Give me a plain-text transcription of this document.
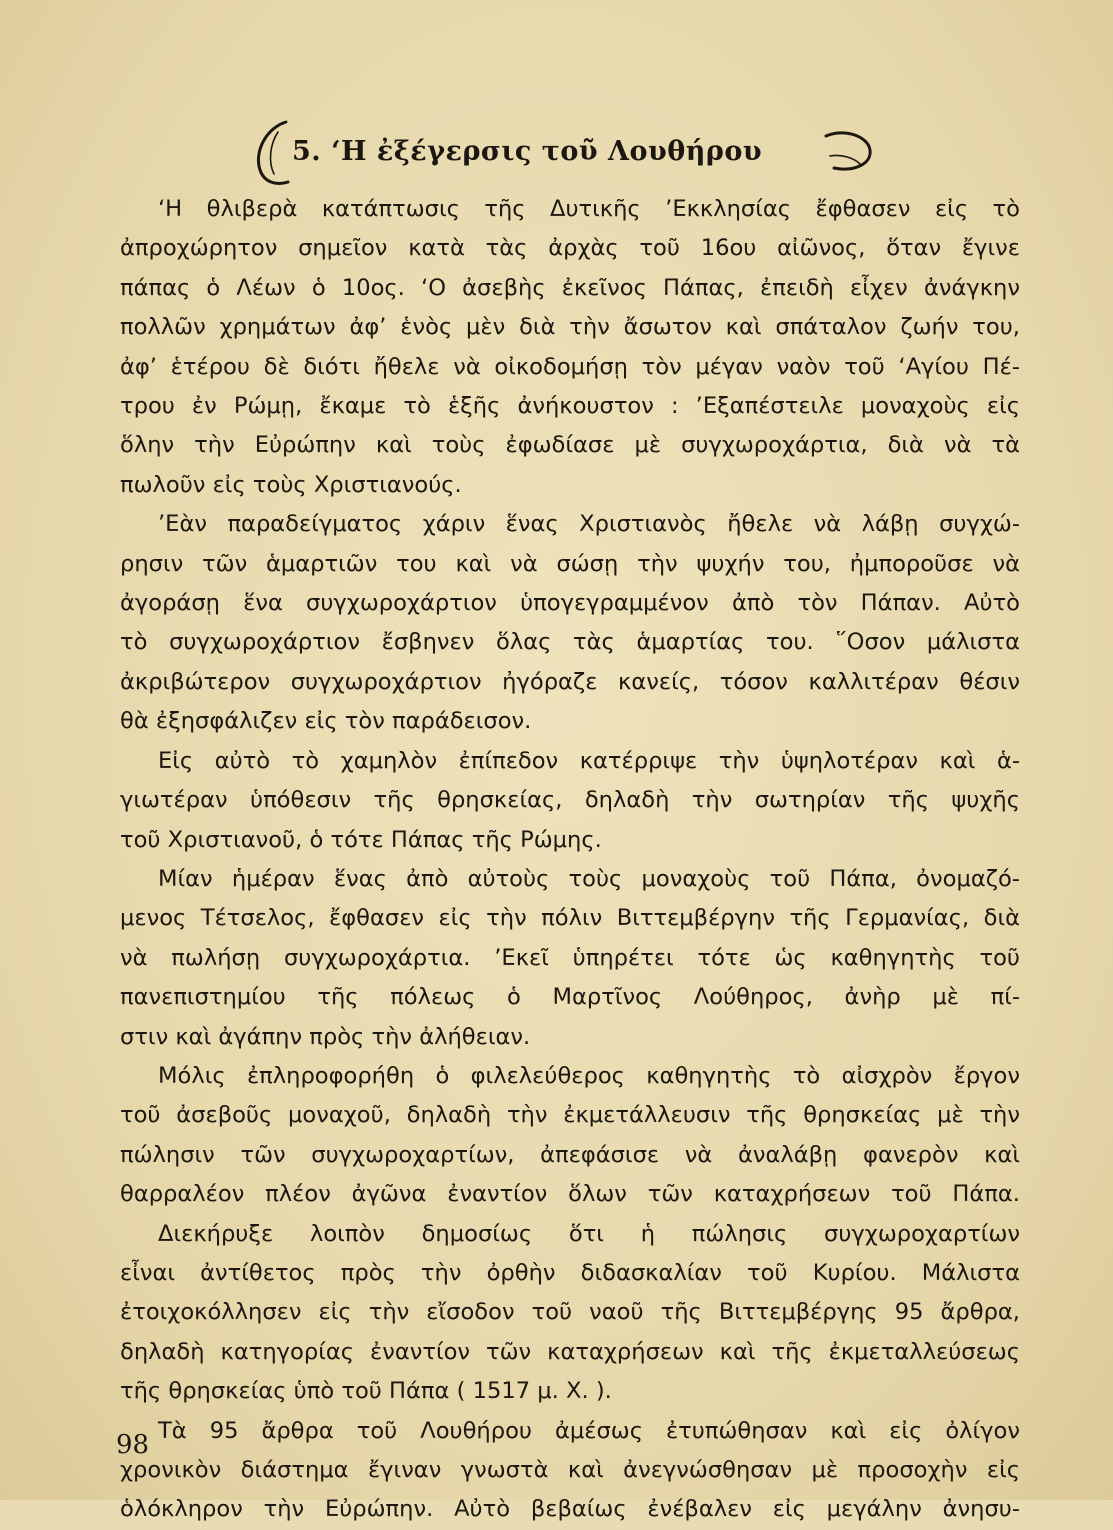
5. ‘Η ἐξέγερσις τοῦ Λουθήρου
‘Η θλιβερὰ κατάπτωσις τῆς Δυτικῆς ’Εκκλησίας ἔφθασεν εἰς τὸ
ἀπροχώρητον σημεῖον κατὰ τὰς ἀρχὰς τοῦ 16ου αἰῶνος, ὅταν ἔγινε
πάπας ὁ Λέων ὁ 10ος. ‘Ο ἀσεβὴς ἐκεῖνος Πάπας, ἐπειδὴ εἶχεν ἀνάγκην
πολλῶν χρημάτων ἀφ’ ἑνὸς μὲν διὰ τὴν ἄσωτον καὶ σπάταλον ζωήν του,
ἀφ’ ἑτέρου δὲ διότι ἤθελε νὰ οἰκοδομήσῃ τὸν μέγαν ναὸν τοῦ ‘Αγίου Πέ-
τρου ἐν Ρώμῃ, ἔκαμε τὸ ἑξῆς ἀνήκουστον : ’Εξαπέστειλε μοναχοὺς εἰς
ὅλην τὴν Εὐρώπην καὶ τοὺς ἐφωδίασε μὲ συγχωροχάρτια, διὰ νὰ τὰ
πωλοῦν εἰς τοὺς Χριστιανούς.
’Εὰν παραδείγματος χάριν ἕνας Χριστιανὸς ἤθελε νὰ λάβῃ συγχώ-
ρησιν τῶν ἁμαρτιῶν του καὶ νὰ σώσῃ τὴν ψυχήν του, ἠμποροῦσε νὰ
ἀγοράσῃ ἕνα συγχωροχάρτιον ὑπογεγραμμένον ἀπὸ τὸν Πάπαν. Αὐτὸ
τὸ συγχωροχάρτιον ἔσβηνεν ὅλας τὰς ἁμαρτίας του. ῞Οσον μάλιστα
ἀκριβώτερον συγχωροχάρτιον ἠγόραζε κανείς, τόσον καλλιτέραν θέσιν
θὰ ἐξησφάλιζεν εἰς τὸν παράδεισον.
Εἰς αὐτὸ τὸ χαμηλὸν ἐπίπεδον κατέρριψε τὴν ὑψηλοτέραν καὶ ἁ-
γιωτέραν ὑπόθεσιν τῆς θρησκείας, δηλαδὴ τὴν σωτηρίαν τῆς ψυχῆς
τοῦ Χριστιανοῦ, ὁ τότε Πάπας τῆς Ρώμης.
Μίαν ἡμέραν ἕνας ἀπὸ αὐτοὺς τοὺς μοναχοὺς τοῦ Πάπα, ὀνομαζό-
μενος Τέτσελος, ἔφθασεν εἰς τὴν πόλιν Βιττεμβέργην τῆς Γερμανίας, διὰ
νὰ πωλήσῃ συγχωροχάρτια. ’Εκεῖ ὑπηρέτει τότε ὡς καθηγητὴς τοῦ
πανεπιστημίου τῆς πόλεως ὁ Μαρτῖνος Λούθηρος, ἀνὴρ μὲ πί-
στιν καὶ ἀγάπην πρὸς τὴν ἀλήθειαν.
Μόλις ἐπληροφορήθη ὁ φιλελεύθερος καθηγητὴς τὸ αἰσχρὸν ἔργον
τοῦ ἀσεβοῦς μοναχοῦ, δηλαδὴ τὴν ἐκμετάλλευσιν τῆς θρησκείας μὲ τὴν
πώλησιν τῶν συγχωροχαρτίων, ἀπεφάσισε νὰ ἀναλάβῃ φανερὸν καὶ
θαρραλέον πλέον ἀγῶνα ἐναντίον ὅλων τῶν καταχρήσεων τοῦ Πάπα.
Διεκήρυξε λοιπὸν δημοσίως ὅτι ἡ πώλησις συγχωροχαρτίων
εἶναι ἀντίθετος πρὸς τὴν ὀρθὴν διδασκαλίαν τοῦ Κυρίου. Μάλιστα
ἐτοιχοκόλλησεν εἰς τὴν εἴσοδον τοῦ ναοῦ τῆς Βιττεμβέργης 95 ἄρθρα,
δηλαδὴ κατηγορίας ἐναντίον τῶν καταχρήσεων καὶ τῆς ἐκμεταλλεύσεως
τῆς θρησκείας ὑπὸ τοῦ Πάπα ( 1517 μ. Χ. ).
Τὰ 95 ἄρθρα τοῦ Λουθήρου ἀμέσως ἐτυπώθησαν καὶ εἰς ὀλίγον
χρονικὸν διάστημα ἔγιναν γνωστὰ καὶ ἀνεγνώσθησαν μὲ προσοχὴν εἰς
ὁλόκληρον τὴν Εὐρώπην. Αὐτὸ βεβαίως ἐνέβαλεν εἰς μεγάλην ἀνησυ-
98
